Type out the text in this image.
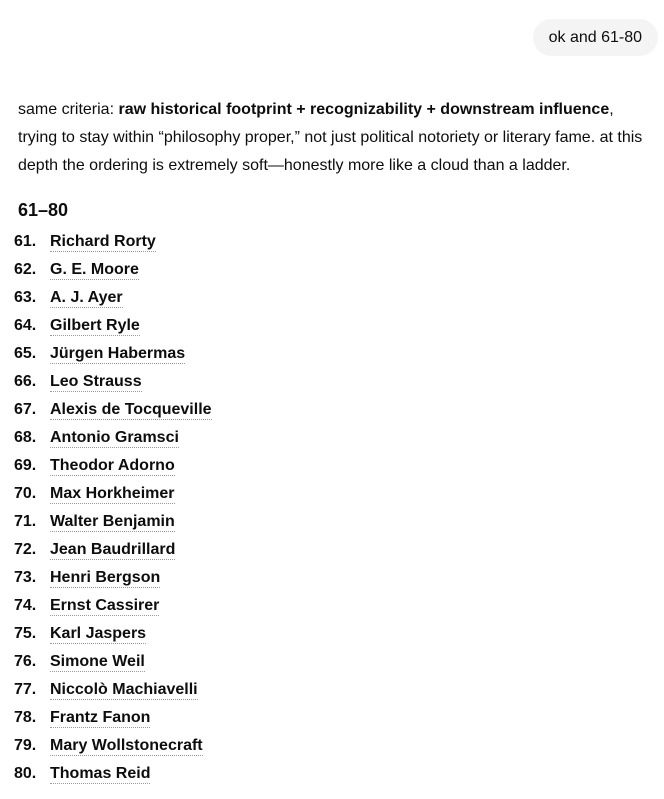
ok and 61-80

same criteria: raw historical footprint + recognizability + downstream influence, trying to stay within “philosophy proper,” not just political notoriety or literary fame. at this depth the ordering is extremely soft—honestly more like a cloud than a ladder.

61–80
61. Richard Rorty
62. G. E. Moore
63. A. J. Ayer
64. Gilbert Ryle
65. Jürgen Habermas
66. Leo Strauss
67. Alexis de Tocqueville
68. Antonio Gramsci
69. Theodor Adorno
70. Max Horkheimer
71. Walter Benjamin
72. Jean Baudrillard
73. Henri Bergson
74. Ernst Cassirer
75. Karl Jaspers
76. Simone Weil
77. Niccolò Machiavelli
78. Frantz Fanon
79. Mary Wollstonecraft
80. Thomas Reid
